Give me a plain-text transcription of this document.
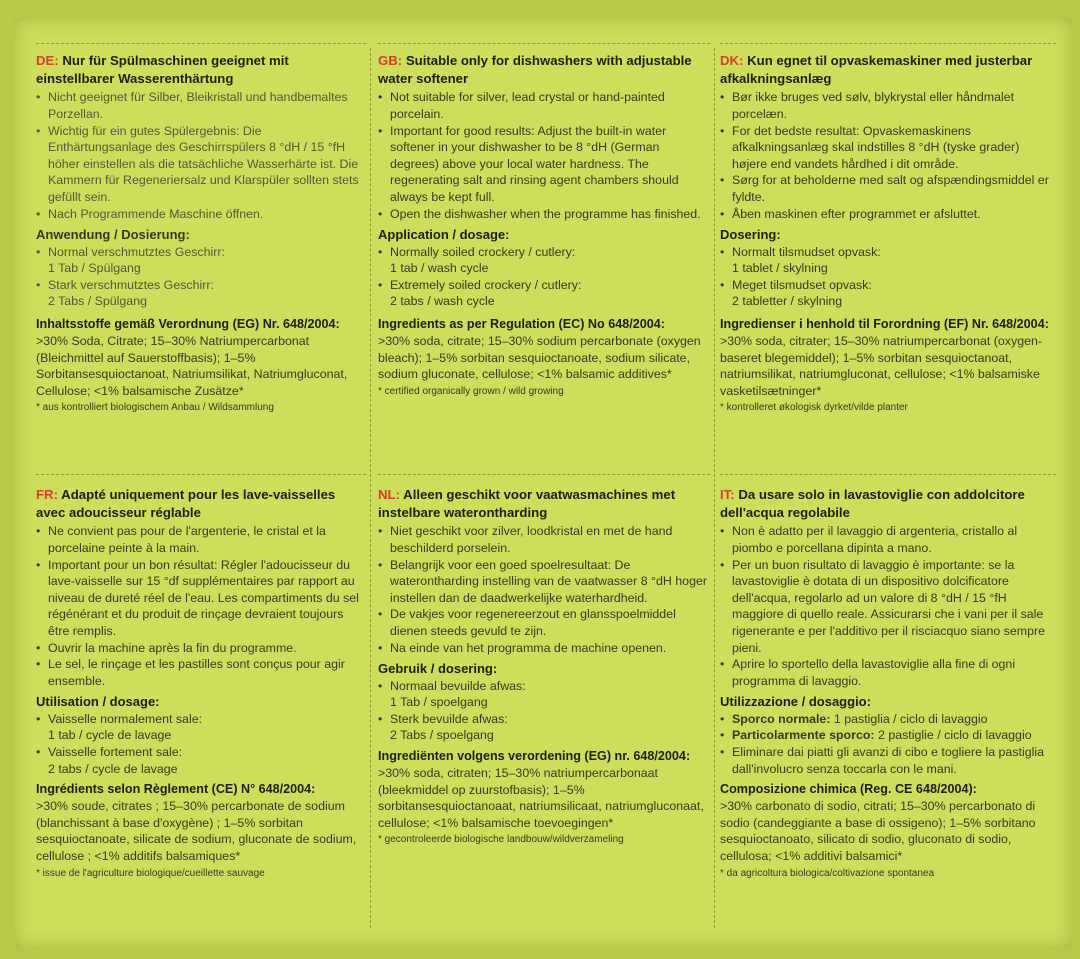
DE: Nur für Spülmaschinen geeignet mit einstellbarer Wasserenthärtung
• Nicht geeignet für Silber, Bleikristall und handbemaltes Porzellan.
• Wichtig für ein gutes Spülergebnis: Die Enthärtungsanlage des Geschirrspülers 8 °dH / 15 °fH höher einstellen als die tatsächliche Wasserhärte ist. Die Kammern für Regeneriersalz und Klarspüler sollten stets gefüllt sein.
• Nach Programmende Maschine öffnen.
Anwendung / Dosierung:
• Normal verschmutztes Geschirr:
1 Tab / Spülgang
• Stark verschmutztes Geschirr:
2 Tabs / Spülgang
Inhaltsstoffe gemäß Verordnung (EG) Nr. 648/2004:
>30% Soda, Citrate; 15–30% Natriumpercarbonat (Bleichmittel auf Sauerstoffbasis); 1–5% Sorbitansesquioctanoat, Natriumsilikat, Natriumgluconat, Cellulose; <1% balsamische Zusätze*
* aus kontrolliert biologischem Anbau / Wildsammlung
GB: Suitable only for dishwashers with adjustable water softener
• Not suitable for silver, lead crystal or hand-painted porcelain.
• Important for good results: Adjust the built-in water softener in your dishwasher to be 8 °dH (German degrees) above your local water hardness. The regenerating salt and rinsing agent chambers should always be kept full.
• Open the dishwasher when the programme has finished.
Application / dosage:
• Normally soiled crockery / cutlery:
1 tab / wash cycle
• Extremely soiled crockery / cutlery:
2 tabs / wash cycle
Ingredients as per Regulation (EC) No 648/2004:
>30% soda, citrate; 15–30% sodium percarbonate (oxygen bleach); 1–5% sorbitan sesquioctanoate, sodium silicate, sodium gluconate, cellulose; <1% balsamic additives*
* certified organically grown / wild growing
DK: Kun egnet til opvaskemaskiner med justerbar afkalkningsanlæg
• Bør ikke bruges ved sølv, blykrystal eller håndmalet porcelæn.
• For det bedste resultat: Opvaskemaskinens afkalkningsanlæg skal indstilles 8 °dH (tyske grader) højere end vandets hårdhed i dit område.
• Sørg for at beholderne med salt og afspændingsmiddel er fyldte.
• Åben maskinen efter programmet er afsluttet.
Dosering:
• Normalt tilsmudset opvask:
1 tablet / skylning
• Meget tilsmudset opvask:
2 tabletter / skylning
Ingredienser i henhold til Forordning (EF) Nr. 648/2004:
>30% soda, citrater; 15–30% natriumpercarbonat (oxygen-baseret blegemiddel); 1–5% sorbitan sesquioctanoat, natriumsilikat, natriumgluconat, cellulose; <1% balsamiske vasketilsætninger*
* kontrolleret økologisk dyrket/vilde planter
FR: Adapté uniquement pour les lave-vaisselles avec adoucisseur réglable
• Ne convient pas pour de l'argenterie, le cristal et la porcelaine peinte à la main.
• Important pour un bon résultat: Régler l'adoucisseur du lave-vaisselle sur 15 °df supplémentaires par rapport au niveau de dureté réel de l'eau. Les compartiments du sel régénérant et du produit de rinçage devraient toujours être remplis.
• Ouvrir la machine après la fin du programme.
• Le sel, le rinçage et les pastilles sont conçus pour agir ensemble.
Utilisation / dosage:
• Vaisselle normalement sale:
1 tab / cycle de lavage
• Vaisselle fortement sale:
2 tabs / cycle de lavage
Ingrédients selon Règlement (CE) N° 648/2004:
>30% soude, citrates ; 15–30% percarbonate de sodium (blanchissant à base d'oxygène) ; 1–5% sorbitan sesquioctanoate, silicate de sodium, gluconate de sodium, cellulose ; <1% additifs balsamiques*
* issue de l'agriculture biologique/cueillette sauvage
NL: Alleen geschikt voor vaatwasmachines met instelbare waterontharding
• Niet geschikt voor zilver, loodkristal en met de hand beschilderd porselein.
• Belangrijk voor een goed spoelresultaat: De waterontharding instelling van de vaatwasser 8 °dH hoger instellen dan de daadwerkelijke waterhardheid.
• De vakjes voor regenereerzout en glansspoelmiddel dienen steeds gevuld te zijn.
• Na einde van het programma de machine openen.
Gebruik / dosering:
• Normaal bevuilde afwas:
1 Tab / spoelgang
• Sterk bevuilde afwas:
2 Tabs / spoelgang
Ingrediënten volgens verordening (EG) nr. 648/2004:
>30% soda, citraten; 15–30% natriumpercarbonaat (bleekmiddel op zuurstofbasis); 1–5% sorbitansesquioctanoaat, natriumsilicaat, natriumgluconaat, cellulose; <1% balsamische toevoegingen*
* gecontroleerde biologische landbouw/wildverzameling
IT: Da usare solo in lavastoviglie con addolcitore dell'acqua regolabile
• Non è adatto per il lavaggio di argenteria, cristallo al piombo e porcellana dipinta a mano.
• Per un buon risultato di lavaggio è importante: se la lavastoviglie è dotata di un dispositivo dolcificatore dell'acqua, regolarlo ad un valore di 8 °dH / 15 °fH maggiore di quello reale. Assicurarsi che i vani per il sale rigenerante e per l'additivo per il risciacquo siano sempre pieni.
• Aprire lo sportello della lavastoviglie alla fine di ogni programma di lavaggio.
Utilizzazione / dosaggio:
• Sporco normale: 1 pastiglia / ciclo di lavaggio
• Particolarmente sporco: 2 pastiglie / ciclo di lavaggio
• Eliminare dai piatti gli avanzi di cibo e togliere la pastiglia dall'involucro senza toccarla con le mani.
Composizione chimica (Reg. CE 648/2004):
>30% carbonato di sodio, citrati; 15–30% percarbonato di sodio (candeggiante a base di ossigeno); 1–5% sorbitano sesquioctanoato, silicato di sodio, gluconato di sodio, cellulosa; <1% additivi balsamici*
* da agricoltura biologica/coltivazione spontanea
